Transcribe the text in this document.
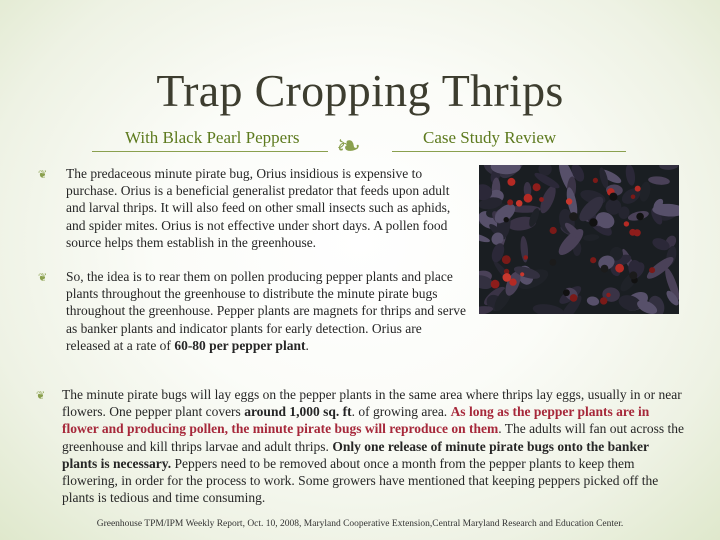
Trap Cropping Thrips
With Black Pearl Peppers	Case Study Review
❧
❦ The predaceous minute pirate bug, Orius insidious is expensive to purchase. Orius is a beneficial generalist predator that feeds upon adult and larval thrips. It will also feed on other small insects such as aphids, and spider mites. Orius is not effective under short days. A pollen food source helps them establish in the greenhouse.
❦ So, the idea is to rear them on pollen producing pepper plants and place plants throughout the greenhouse to distribute the minute pirate bugs throughout the greenhouse. Pepper plants are magnets for thrips and serve as banker plants and indicator plants for early detection. Orius are released at a rate of 60-80 per pepper plant.
❦ The minute pirate bugs will lay eggs on the pepper plants in the same area where thrips lay eggs, usually in or near flowers. One pepper plant covers around 1,000 sq. ft. of growing area. As long as the pepper plants are in flower and producing pollen, the minute pirate bugs will reproduce on them. The adults will fan out across the greenhouse and kill thrips larvae and adult thrips. Only one release of minute pirate bugs onto the banker plants is necessary. Peppers need to be removed about once a month from the pepper plants to keep them flowering, in order for the process to work. Some growers have mentioned that keeping peppers picked off the plants is tedious and time consuming.
Greenhouse TPM/IPM Weekly Report, Oct. 10, 2008, Maryland Cooperative Extension,Central Maryland Research and Education Center.
